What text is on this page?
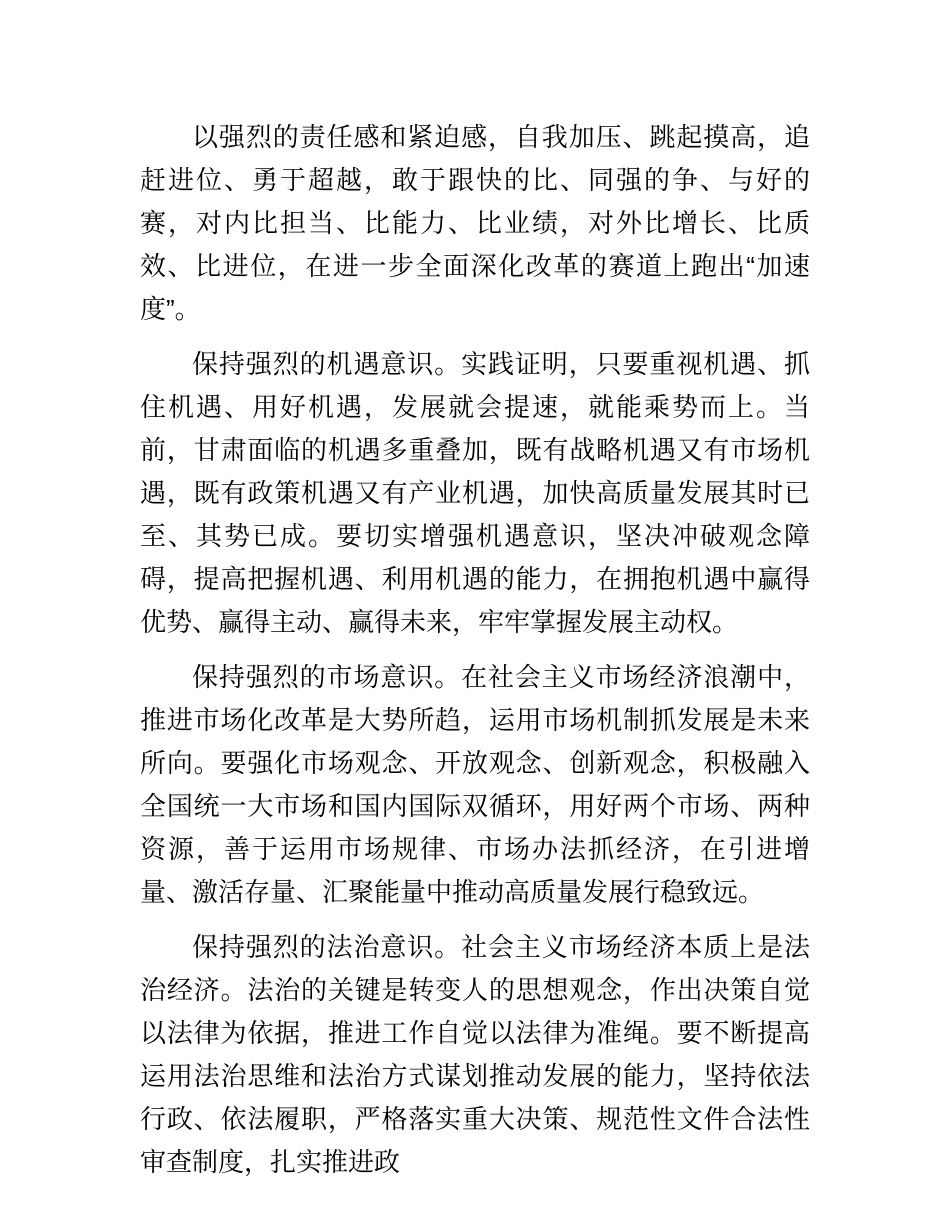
以强烈的责任感和紧迫感，自我加压、跳起摸高，追赶进位、勇于超越，敢于跟快的比、同强的争、与好的赛，对内比担当、比能力、比业绩，对外比增长、比质效、比进位，在进一步全面深化改革的赛道上跑出“加速度”。

保持强烈的机遇意识。实践证明，只要重视机遇、抓住机遇、用好机遇，发展就会提速，就能乘势而上。当前，甘肃面临的机遇多重叠加，既有战略机遇又有市场机遇，既有政策机遇又有产业机遇，加快高质量发展其时已至、其势已成。要切实增强机遇意识，坚决冲破观念障碍，提高把握机遇、利用机遇的能力，在拥抱机遇中赢得优势、赢得主动、赢得未来，牢牢掌握发展主动权。

保持强烈的市场意识。在社会主义市场经济浪潮中，推进市场化改革是大势所趋，运用市场机制抓发展是未来所向。要强化市场观念、开放观念、创新观念，积极融入全国统一大市场和国内国际双循环，用好两个市场、两种资源，善于运用市场规律、市场办法抓经济，在引进增量、激活存量、汇聚能量中推动高质量发展行稳致远。

保持强烈的法治意识。社会主义市场经济本质上是法治经济。法治的关键是转变人的思想观念，作出决策自觉以法律为依据，推进工作自觉以法律为准绳。要不断提高运用法治思维和法治方式谋划推动发展的能力，坚持依法行政、依法履职，严格落实重大决策、规范性文件合法性审查制度，扎实推进政
